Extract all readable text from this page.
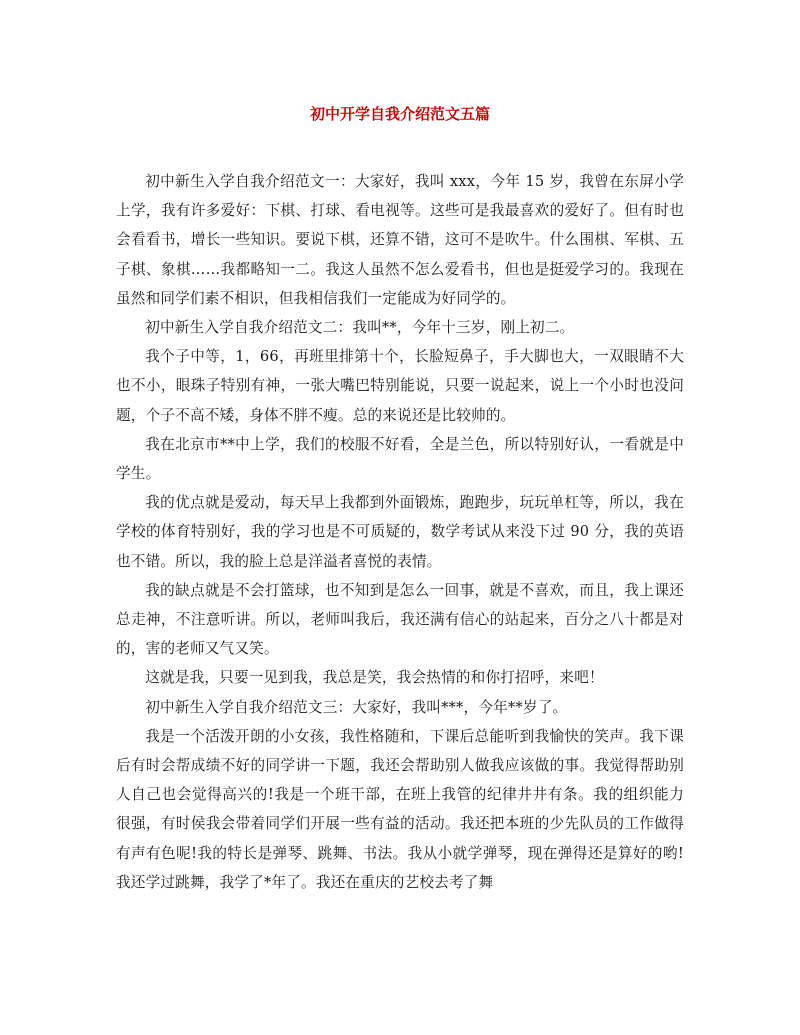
初中开学自我介绍范文五篇

初中新生入学自我介绍范文一：大家好，我叫 xxx，今年 15 岁，我曾在东屏小学上学，我有许多爱好：下棋、打球、看电视等。这些可是我最喜欢的爱好了。但有时也会看看书，增长一些知识。要说下棋，还算不错，这可不是吹牛。什么围棋、军棋、五子棋、象棋……我都略知一二。我这人虽然不怎么爱看书，但也是挺爱学习的。我现在虽然和同学们素不相识，但我相信我们一定能成为好同学的。

初中新生入学自我介绍范文二：我叫**，今年十三岁，刚上初二。

我个子中等，1，66，再班里排第十个，长脸短鼻子，手大脚也大，一双眼睛不大也不小，眼珠子特别有神，一张大嘴巴特别能说，只要一说起来，说上一个小时也没问题，个子不高不矮，身体不胖不瘦。总的来说还是比较帅的。

我在北京市**中上学，我们的校服不好看，全是兰色，所以特别好认，一看就是中学生。

我的优点就是爱动，每天早上我都到外面锻炼，跑跑步，玩玩单杠等，所以，我在学校的体育特别好，我的学习也是不可质疑的，数学考试从来没下过 90 分，我的英语也不错。所以，我的脸上总是洋溢者喜悦的表情。

我的缺点就是不会打篮球，也不知到是怎么一回事，就是不喜欢，而且，我上课还总走神，不注意听讲。所以，老师叫我后，我还满有信心的站起来，百分之八十都是对的，害的老师又气又笑。

这就是我，只要一见到我，我总是笑，我会热情的和你打招呼，来吧！

初中新生入学自我介绍范文三：大家好，我叫***，今年**岁了。

我是一个活泼开朗的小女孩，我性格随和，下课后总能听到我愉快的笑声。我下课后有时会帮成绩不好的同学讲一下题，我还会帮助别人做我应该做的事。我觉得帮助别人自己也会觉得高兴的!我是一个班干部，在班上我管的纪律井井有条。我的组织能力很强，有时侯我会带着同学们开展一些有益的活动。我还把本班的少先队员的工作做得有声有色呢!我的特长是弹琴、跳舞、书法。我从小就学弹琴，现在弹得还是算好的哟!我还学过跳舞，我学了*年了。我还在重庆的艺校去考了舞
